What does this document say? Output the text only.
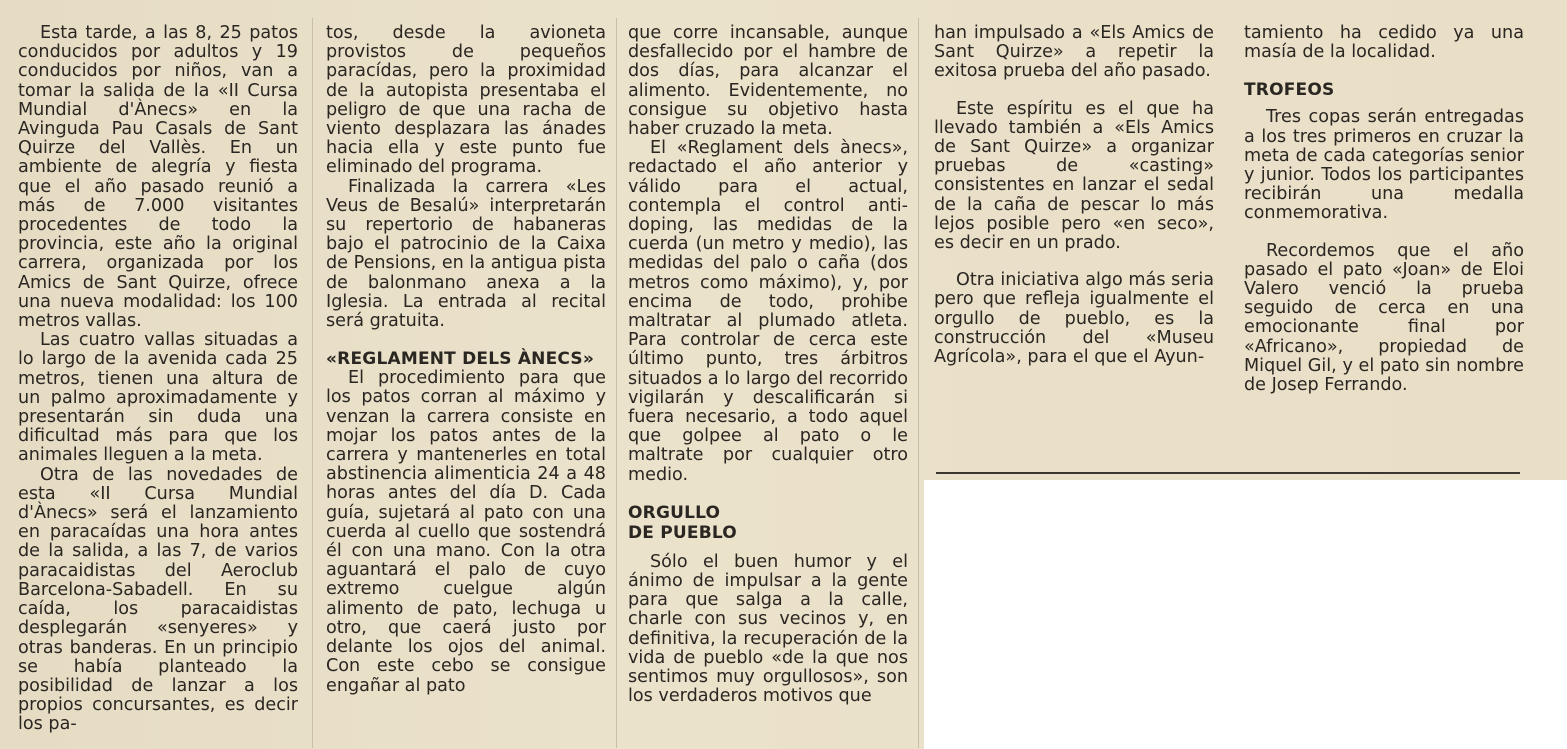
Esta tarde, a las 8, 25 patos conducidos por adultos y 19 conducidos por niños, van a tomar la salida de la «II Cursa Mundial d'Ànecs» en la Avinguda Pau Casals de Sant Quirze del Vallès. En un ambiente de alegría y fiesta que el año pasado reunió a más de 7.000 visitantes procedentes de todo la provincia, este año la original carrera, organizada por los Amics de Sant Quirze, ofrece una nueva modalidad: los 100 metros vallas.

Las cuatro vallas situadas a lo largo de la avenida cada 25 metros, tienen una altura de un palmo aproximadamente y presentarán sin duda una dificultad más para que los animales lleguen a la meta.

Otra de las novedades de esta «II Cursa Mundial d'Ànecs» será el lanzamiento en paracaídas una hora antes de la salida, a las 7, de varios paracaidistas del Aeroclub Barcelona-Sabadell. En su caída, los paracaidistas desplegarán «senyeres» y otras banderas. En un principio se había planteado la posibilidad de lanzar a los propios concursantes, es decir los pa-

tos, desde la avioneta provistos de pequeños paracídas, pero la proximidad de la autopista presentaba el peligro de que una racha de viento desplazara las ánades hacia ella y este punto fue eliminado del programa.

Finalizada la carrera «Les Veus de Besalú» interpretarán su repertorio de habaneras bajo el patrocinio de la Caixa de Pensions, en la antigua pista de balonmano anexa a la Iglesia. La entrada al recital será gratuita.

«REGLAMENT DELS ÀNECS»

El procedimiento para que los patos corran al máximo y venzan la carrera consiste en mojar los patos antes de la carrera y mantenerles en total abstinencia alimenticia 24 a 48 horas antes del día D. Cada guía, sujetará al pato con una cuerda al cuello que sostendrá él con una mano. Con la otra aguantará el palo de cuyo extremo cuelgue algún alimento de pato, lechuga u otro, que caerá justo por delante los ojos del animal. Con este cebo se consigue engañar al pato

que corre incansable, aunque desfallecido por el hambre de dos días, para alcanzar el alimento. Evidentemente, no consigue su objetivo hasta haber cruzado la meta.

El «Reglament dels ànecs», redactado el año anterior y válido para el actual, contempla el control anti-doping, las medidas de la cuerda (un metro y medio), las medidas del palo o caña (dos metros como máximo), y, por encima de todo, prohibe maltratar al plumado atleta. Para controlar de cerca este último punto, tres árbitros situados a lo largo del recorrido vigilarán y descalificarán si fuera necesario, a todo aquel que golpee al pato o le maltrate por cualquier otro medio.

ORGULLO

DE PUEBLO

Sólo el buen humor y el ánimo de impulsar a la gente para que salga a la calle, charle con sus vecinos y, en definitiva, la recuperación de la vida de pueblo «de la que nos sentimos muy orgullosos», son los verdaderos motivos que

han impulsado a «Els Amics de Sant Quirze» a repetir la exitosa prueba del año pasado.

Este espíritu es el que ha llevado también a «Els Amics de Sant Quirze» a organizar pruebas de «casting» consistentes en lanzar el sedal de la caña de pescar lo más lejos posible pero «en seco», es decir en un prado.

Otra iniciativa algo más seria pero que refleja igualmente el orgullo de pueblo, es la construcción del «Museu Agrícola», para el que el Ayun-

tamiento ha cedido ya una masía de la localidad.

TROFEOS

Tres copas serán entregadas a los tres primeros en cruzar la meta de cada categorías senior y junior. Todos los participantes recibirán una medalla conmemorativa.

Recordemos que el año pasado el pato «Joan» de Eloi Valero venció la prueba seguido de cerca en una emocionante final por «Africano», propiedad de Miquel Gil, y el pato sin nombre de Josep Ferrando.
